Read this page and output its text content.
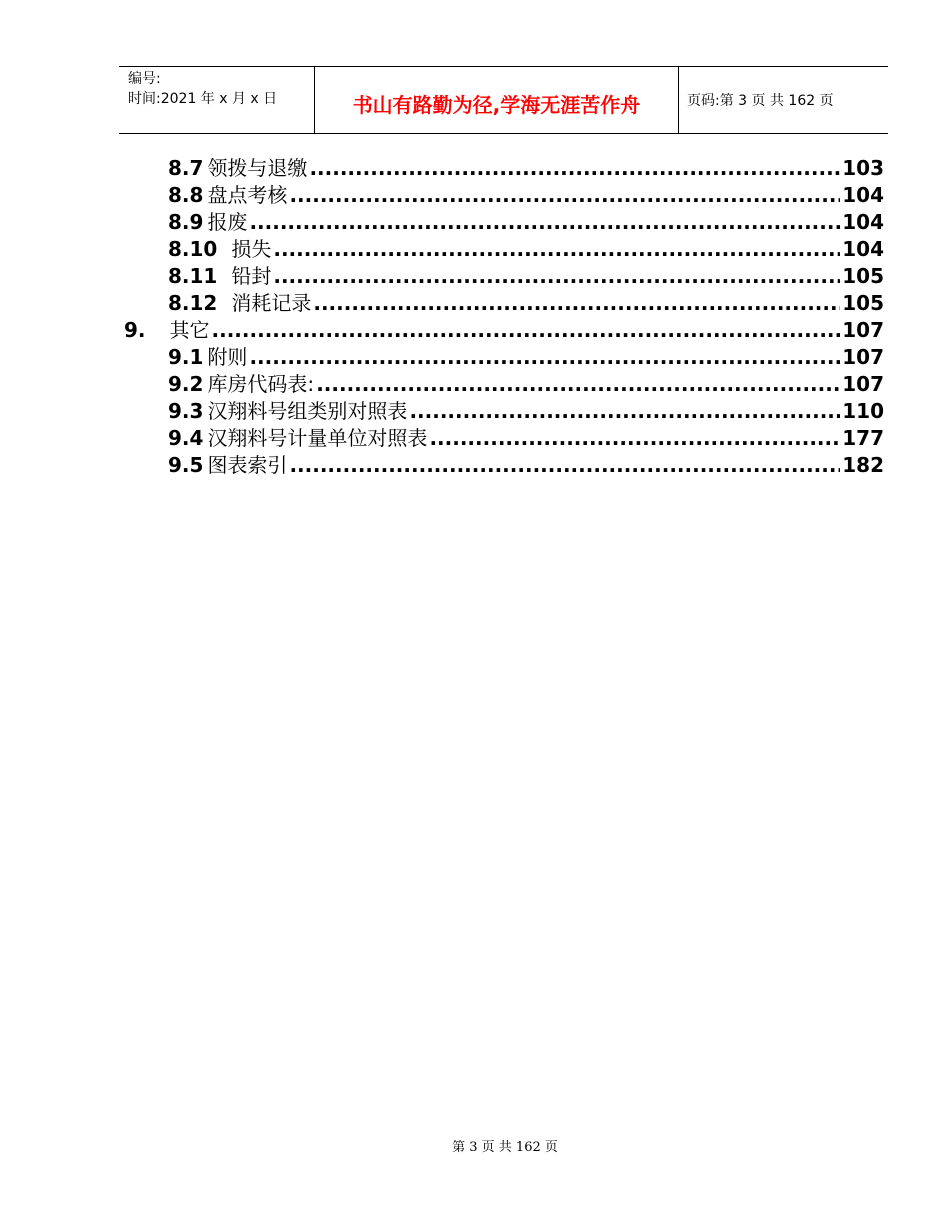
编号:
时间:2021 年 x 月 x 日	书山有路勤为径,学海无涯苦作舟	页码:第 3 页 共 162 页
8.7 领拨与退缴 .....	103
8.8 盘点考核 .....	104
8.9 报废 .....	104
8.10 损失 .....	104
8.11 铅封 .....	105
8.12 消耗记录 .....	105
9. 其它 .....	107
9.1 附则 .....	107
9.2 库房代码表: .....	107
9.3 汉翔料号组类别对照表 .....	110
9.4 汉翔料号计量单位对照表 .....	177
9.5 图表索引 .....	182
第 3 页 共 162 页
